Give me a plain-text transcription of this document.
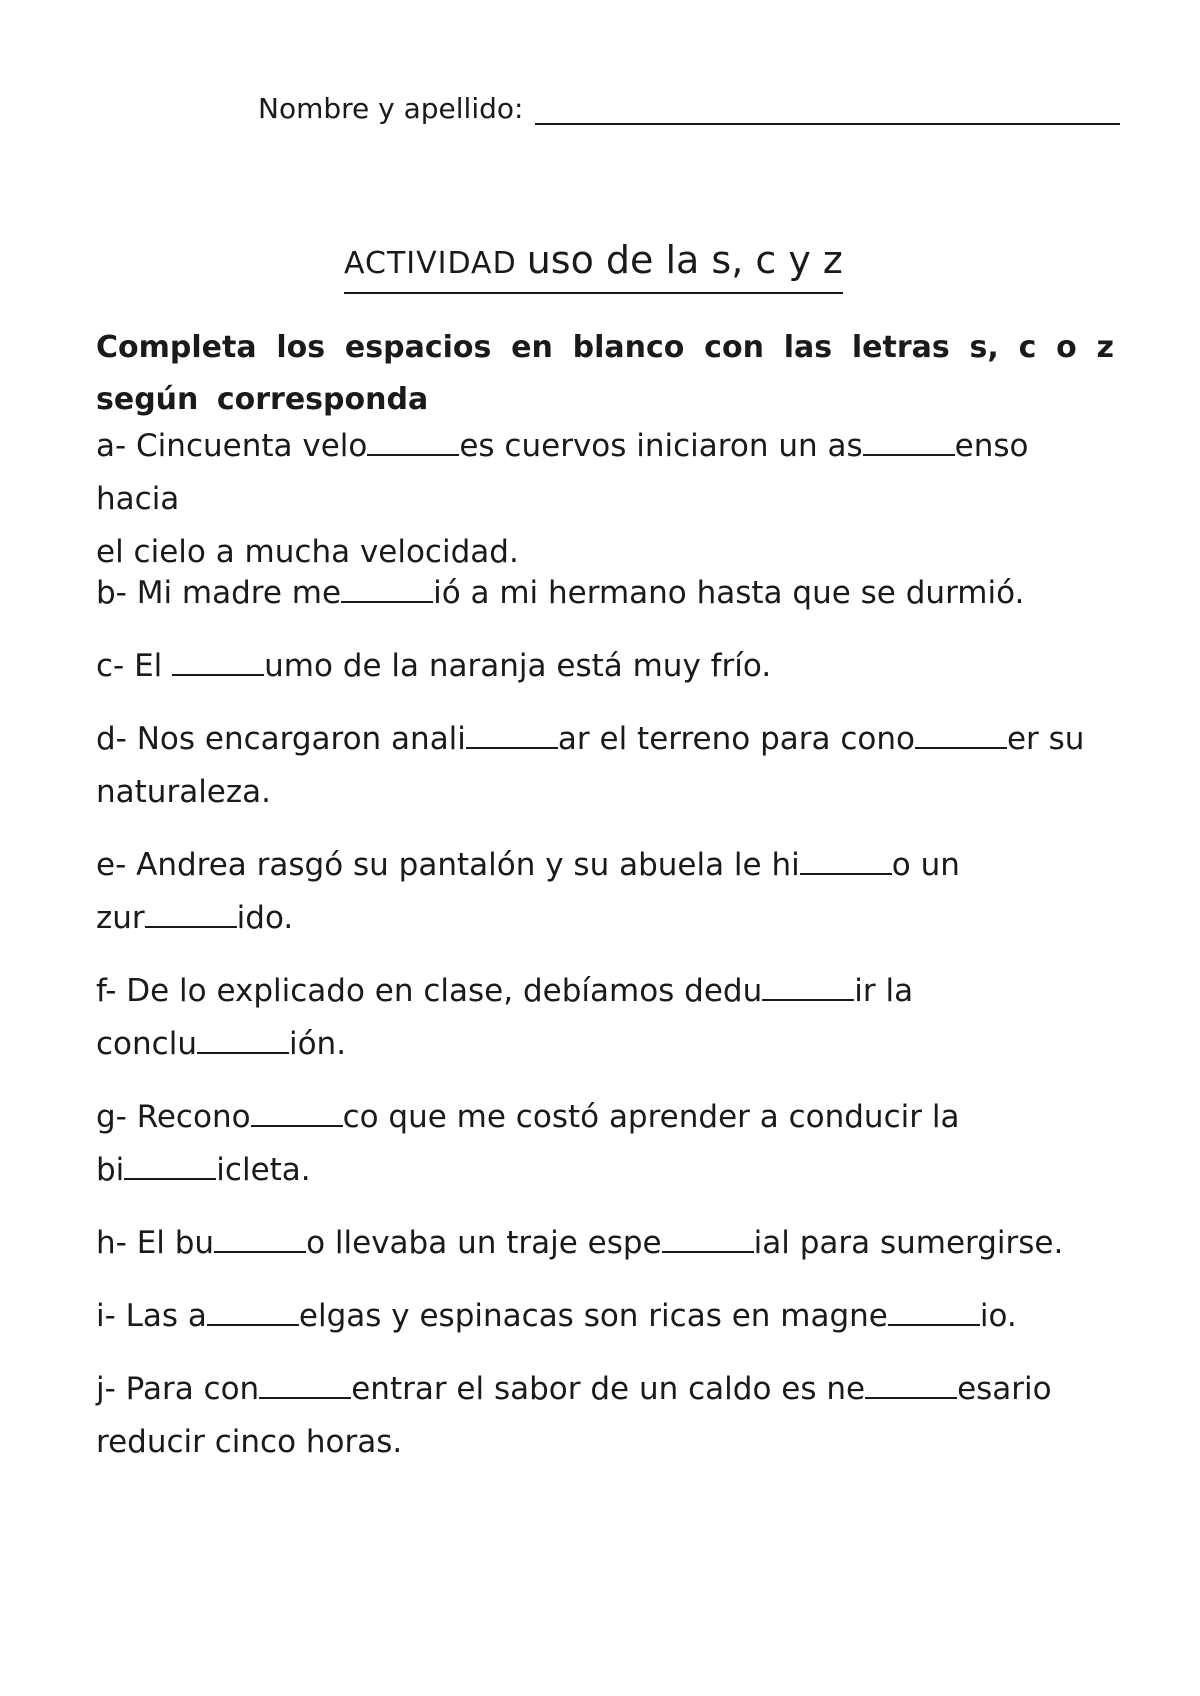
Nombre y apellido:
ACTIVIDAD uso de la s, c y z
Completa los espacios en blanco con las letras s, c o z según corresponda
a- Cincuenta velo	es cuervos iniciaron un as	enso hacia
el cielo a mucha velocidad.
b- Mi madre me	ió a mi hermano hasta que se durmió.
c- El	umo de la naranja está muy frío.
d- Nos encargaron anali	ar el terreno para cono	er su
naturaleza.
e- Andrea rasgó su pantalón y su abuela le hi	o un
zur	ido.
f- De lo explicado en clase, debíamos dedu	ir la
conclu	ión.
g- Recono	co que me costó aprender a conducir la
bi	icleta.
h- El bu	o llevaba un traje espe	ial para sumergirse.
i- Las a	elgas y espinacas son ricas en magne	io.
j- Para con	entrar el sabor de un caldo es ne	esario
reducir cinco horas.
